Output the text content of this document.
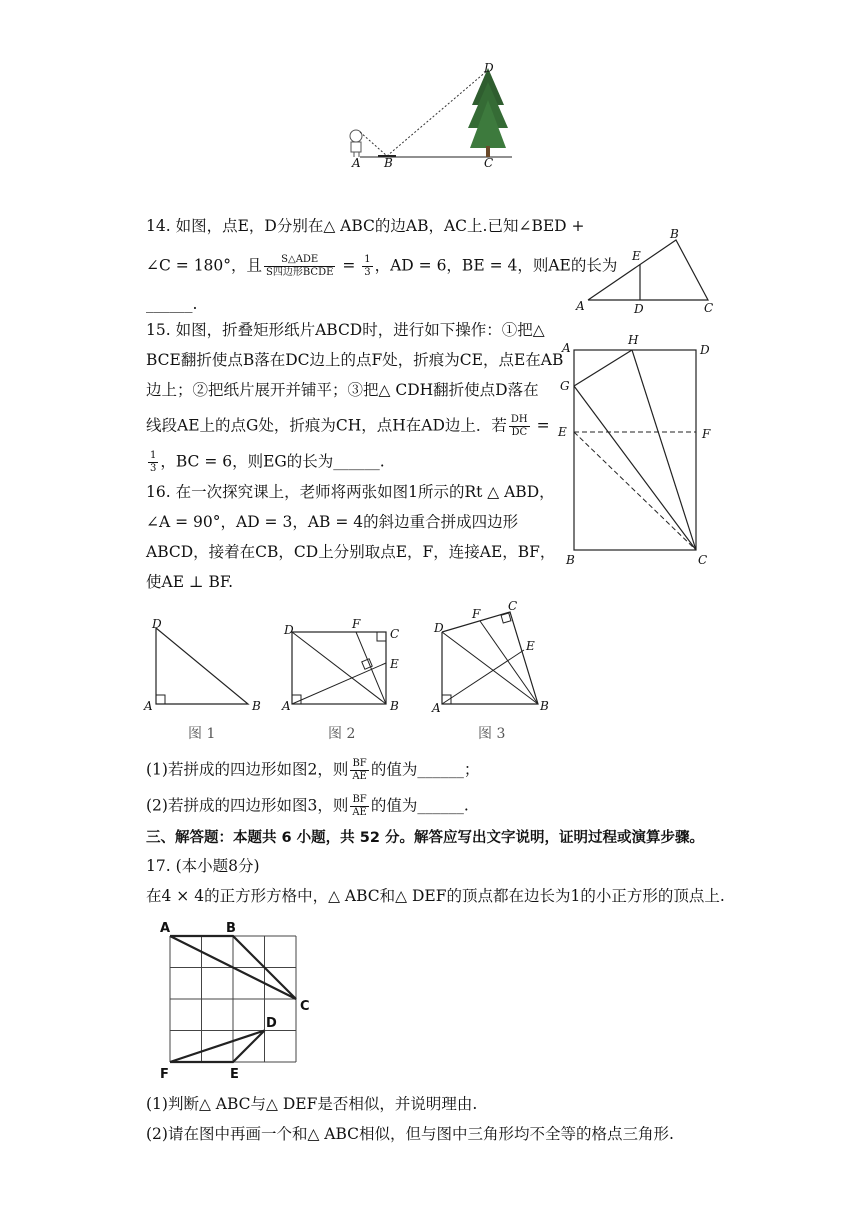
A B	C
D
14. 如图，点E，D分别在△ ABC的边AB，AC上.已知∠BED +
∠C = 180°，且 $\frac{\text{S△ADE}}{\text{S四边形BCDE}} = \frac{1}{3}$ ，AD = 6，BE = 4，则AE的长为
______.	A
B
C
D
E
15. 如图，折叠矩形纸片ABCD时，进行如下操作：①把△
BCE翻折使点B落在DC边上的点F处，折痕为CE，点E在AB
边上；②把纸片展开并铺平；③把△ CDH翻折使点D落在
线段AE上的点G处，折痕为CH，点H在AD边上．若 $\frac{DH}{DC}$ =
$\frac{1}{3}$ ，BC = 6，则EG的长为______.
A
H
D
G
E	F
B	C
16. 在一次探究课上，老师将两张如图1所示的Rt △ ABD，
∠A = 90°，AD = 3，AB = 4的斜边重合拼成四边形
ABCD，接着在CB，CD上分别取点E，F，连接AE，BF，
使AE ⊥ BF.
D
A	B
图 1
D	F
C
E
A	B
图 2
D
F
C
E
A	B
图 3
(1)若拼成的四边形如图2，则 $\frac{BF}{AE}$ 的值为______；
(2)若拼成的四边形如图3，则 $\frac{BF}{AE}$ 的值为______.
三、解答题：本题共 6 小题，共 52 分。解答应写出文字说明，证明过程或演算步骤。
17. (本小题8分)
在4 × 4的正方形方格中，△ ABC和△ DEF的顶点都在边长为1的小正方形的顶点上.
A	B
C
D
E
F
(1)判断△ ABC与△ DEF是否相似，并说明理由.
(2)请在图中再画一个和△ ABC相似，但与图中三角形均不全等的格点三角形.
